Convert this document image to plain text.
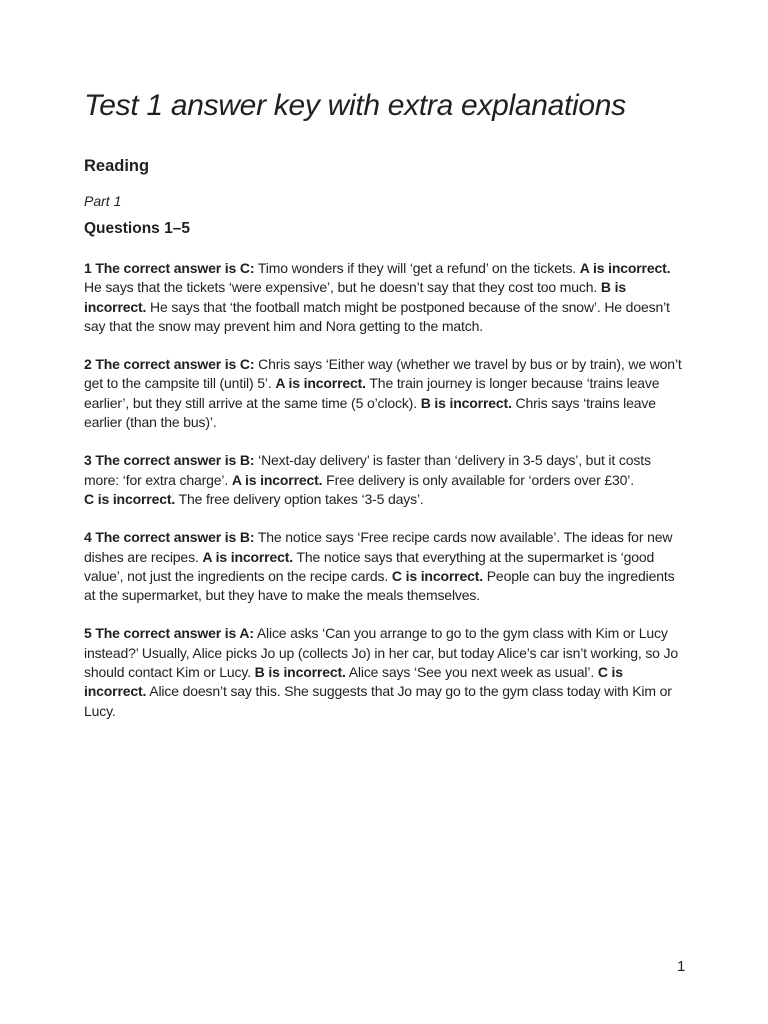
Test 1 answer key with extra explanations
Reading
Part 1
Questions 1–5

1 The correct answer is C: Timo wonders if they will ‘get a refund’ on the tickets. A is incorrect. He says that the tickets ‘were expensive’, but he doesn’t say that they cost too much. B is incorrect. He says that ‘the football match might be postponed because of the snow’. He doesn’t say that the snow may prevent him and Nora getting to the match.

2 The correct answer is C: Chris says ‘Either way (whether we travel by bus or by train), we won’t get to the campsite till (until) 5’. A is incorrect. The train journey is longer because ‘trains leave earlier’, but they still arrive at the same time (5 o’clock). B is incorrect. Chris says ‘trains leave earlier (than the bus)’.

3 The correct answer is B: ‘Next-day delivery’ is faster than ‘delivery in 3-5 days’, but it costs more: ‘for extra charge’. A is incorrect. Free delivery is only available for ‘orders over £30’.
C is incorrect. The free delivery option takes ‘3-5 days’.

4 The correct answer is B: The notice says ‘Free recipe cards now available’. The ideas for new dishes are recipes. A is incorrect. The notice says that everything at the supermarket is ‘good value’, not just the ingredients on the recipe cards. C is incorrect. People can buy the ingredients at the supermarket, but they have to make the meals themselves.

5 The correct answer is A: Alice asks ‘Can you arrange to go to the gym class with Kim or Lucy instead?’ Usually, Alice picks Jo up (collects Jo) in her car, but today Alice’s car isn’t working, so Jo should contact Kim or Lucy. B is incorrect. Alice says ‘See you next week as usual’. C is incorrect. Alice doesn’t say this. She suggests that Jo may go to the gym class today with Kim or Lucy.

1
